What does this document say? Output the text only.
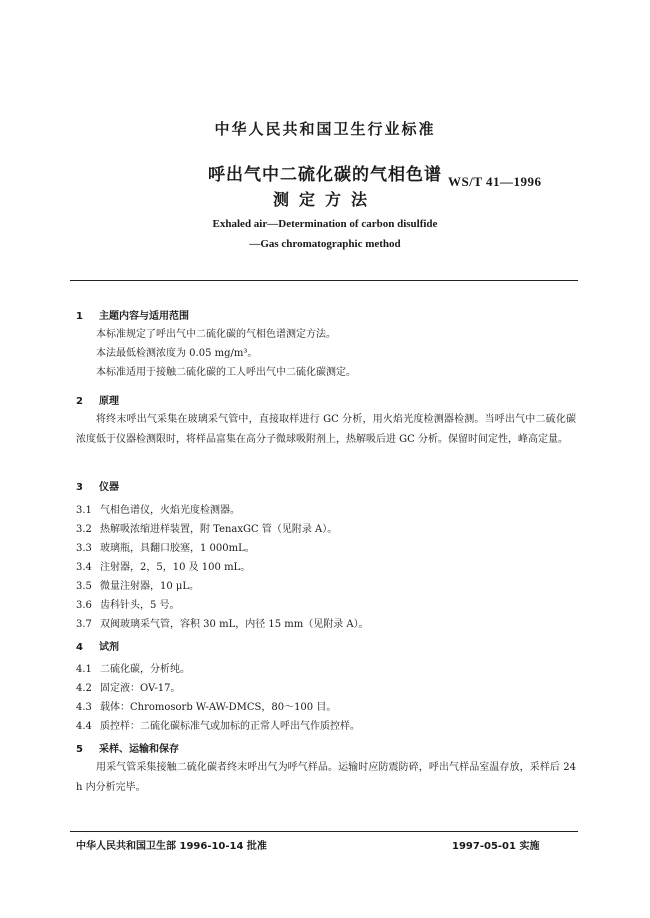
中华人民共和国卫生行业标准
呼出气中二硫化碳的气相色谱
测定方法
WS/T 41—1996
Exhaled air—Determination of carbon disulfide
—Gas chromatographic method
1 主题内容与适用范围
本标准规定了呼出气中二硫化碳的气相色谱测定方法。
本法最低检测浓度为 0.05 mg/m³。
本标准适用于接触二硫化碳的工人呼出气中二硫化碳测定。
2 原理
将终末呼出气采集在玻璃采气管中，直接取样进行 GC 分析，用火焰光度检测器检测。当呼出气中二硫化碳浓度低于仪器检测限时，将样品富集在高分子微球吸附剂上，热解吸后进 GC 分析。保留时间定性，峰高定量。
3 仪器
3.1 气相色谱仪，火焰光度检测器。
3.2 热解吸浓缩进样装置，附 TenaxGC 管（见附录 A）。
3.3 玻璃瓶，具翻口胶塞，1 000mL。
3.4 注射器，2，5，10 及 100 mL。
3.5 微量注射器，10 μL。
3.6 齿科针头，5 号。
3.7 双阀玻璃采气管，容积 30 mL，内径 15 mm（见附录 A）。
4 试剂
4.1 二硫化碳，分析纯。
4.2 固定液：OV-17。
4.3 载体：Chromosorb W-AW-DMCS，80～100 目。
4.4 质控样：二硫化碳标准气或加标的正常人呼出气作质控样。
5 采样、运输和保存
用采气管采集接触二硫化碳者终末呼出气为呼气样品。运输时应防震防碎，呼出气样品室温存放，采样后 24 h 内分析完毕。
中华人民共和国卫生部 1996-10-14 批准	1997-05-01 实施
